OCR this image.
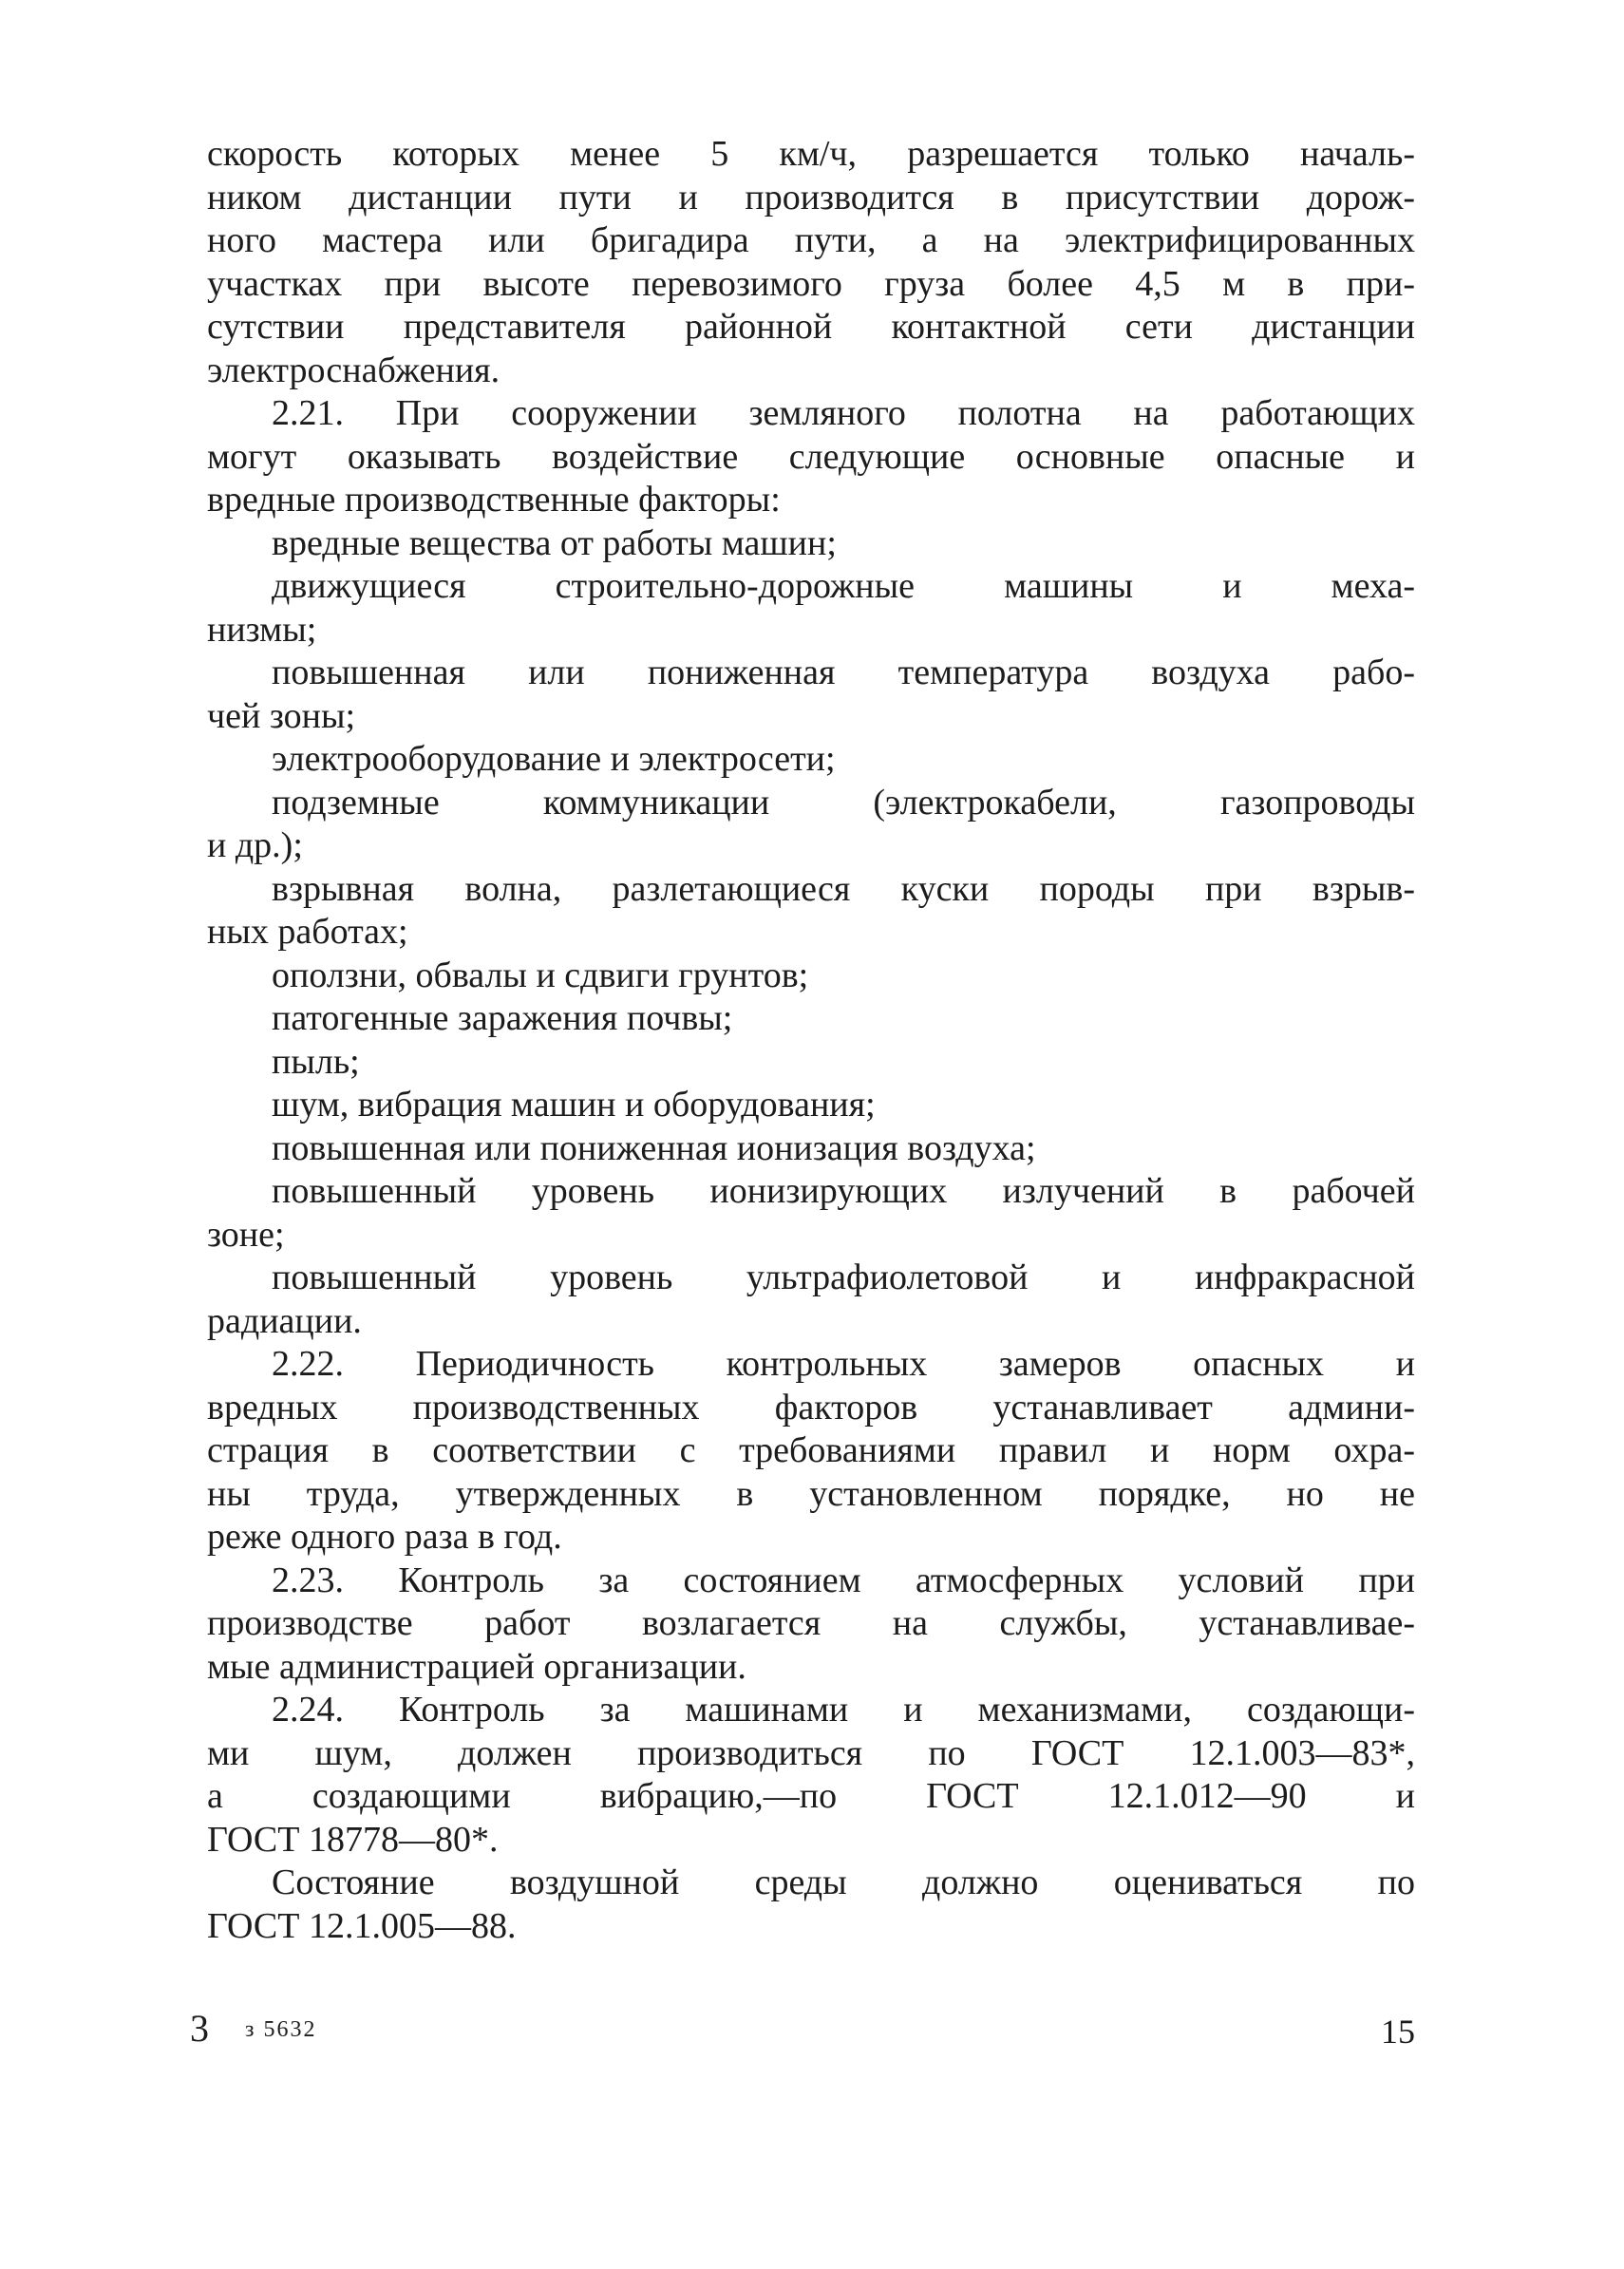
скорость которых менее 5 км/ч, разрешается только началь-
ником дистанции пути и производится в присутствии дорож-
ного мастера или бригадира пути, а на электрифицированных
участках при высоте перевозимого груза более 4,5 м в при-
сутствии представителя районной контактной сети дистанции
электроснабжения.
2.21. При сооружении земляного полотна на работающих
могут оказывать воздействие следующие основные опасные и
вредные производственные факторы:
вредные вещества от работы машин;
движущиеся строительно-дорожные машины и меха-
низмы;
повышенная или пониженная температура воздуха рабо-
чей зоны;
электрооборудование и электросети;
подземные коммуникации (электрокабели, газопроводы
и др.);
взрывная волна, разлетающиеся куски породы при взрыв-
ных работах;
оползни, обвалы и сдвиги грунтов;
патогенные заражения почвы;
пыль;
шум, вибрация машин и оборудования;
повышенная или пониженная ионизация воздуха;
повышенный уровень ионизирующих излучений в рабочей
зоне;
повышенный уровень ультрафиолетовой и инфракрасной
радиации.
2.22. Периодичность контрольных замеров опасных и
вредных производственных факторов устанавливает админи-
страция в соответствии с требованиями правил и норм охра-
ны труда, утвержденных в установленном порядке, но не
реже одного раза в год.
2.23. Контроль за состоянием атмосферных условий при
производстве работ возлагается на службы, устанавливае-
мые администрацией организации.
2.24. Контроль за машинами и механизмами, создающи-
ми шум, должен производиться по ГОСТ 12.1.003—83*,
а создающими вибрацию,—по ГОСТ 12.1.012—90 и
ГОСТ 18778—80*.
Состояние воздушной среды должно оцениваться по
ГОСТ 12.1.005—88.
3 з 5632	15
